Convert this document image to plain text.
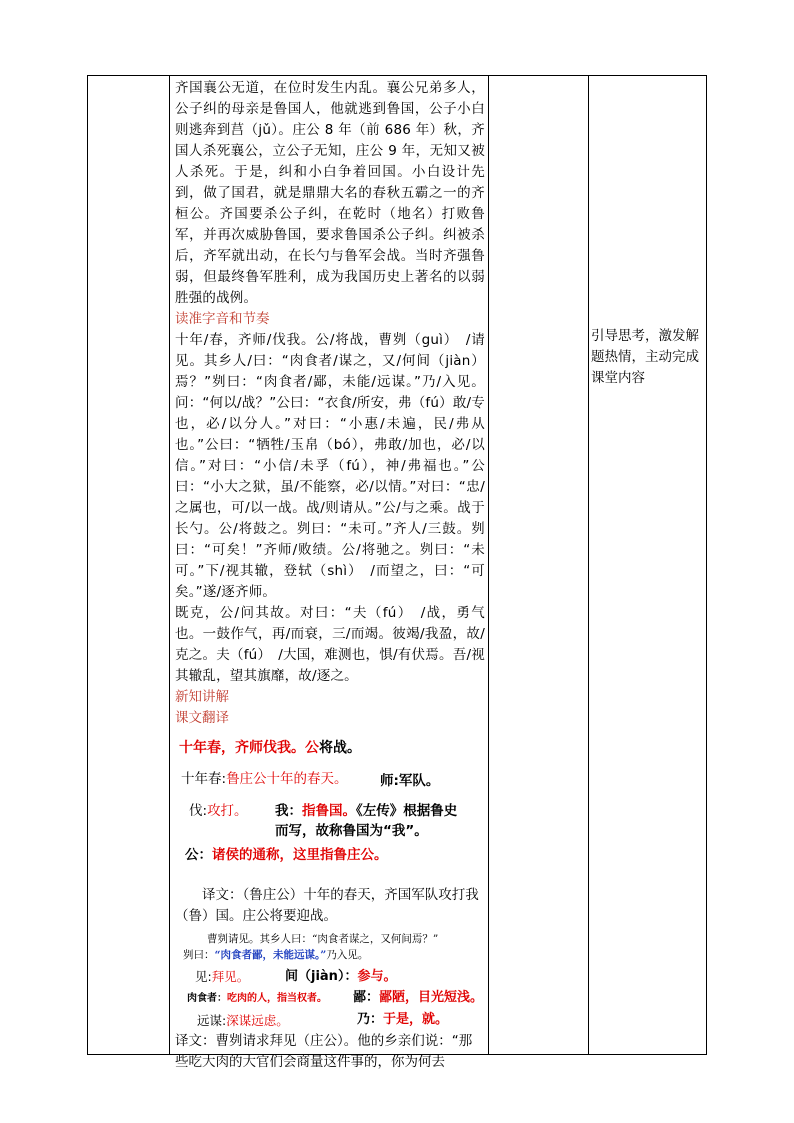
齐国襄公无道，在位时发生内乱。襄公兄弟多人，公子纠的母亲是鲁国人，他就逃到鲁国，公子小白则逃奔到莒（jǔ）。庄公 8 年（前 686 年）秋，齐国人杀死襄公，立公子无知，庄公 9 年，无知又被人杀死。于是，纠和小白争着回国。小白设计先到，做了国君，就是鼎鼎大名的春秋五霸之一的齐桓公。齐国要杀公子纠，在乾时（地名）打败鲁军，并再次威胁鲁国，要求鲁国杀公子纠。纠被杀后，齐军就出动，在长勺与鲁军会战。当时齐强鲁弱，但最终鲁军胜利，成为我国历史上著名的以弱胜强的战例。

读准字音和节奏

十年/春，齐师/伐我。公/将战，曹刿（guì）　/请见。其乡人/曰：“肉食者/谋之，又/何间（jiàn）焉？”刿曰：“肉食者/鄙，未能/远谋。”乃/入见。问：“何以/战？”公曰：“衣食/所安，弗（fú）敢/专也，必/以分人。”对曰：“小惠/未遍，民/弗从也。”公曰：“牺牲/玉帛（bó），弗敢/加也，必/以信。”对曰：“小信/未孚（fú），神/弗福也。”公曰：“小大之狱，虽/不能察，必/以情。”对曰：“忠/之属也，可/以一战。战/则请从。”公/与之乘。战于长勺。公/将鼓之。刿曰：“未可。”齐人/三鼓。刿曰：“可矣！”齐师/败绩。公/将驰之。刿曰：“未可。”下/视其辙，登轼（shì）　/而望之，曰：“可矣。”遂/逐齐师。

既克，公/问其故。对曰：“夫（fú）　/战，勇气也。一鼓作气，再/而衰，三/而竭。彼竭/我盈，故/克之。夫（fú）　/大国，难测也，惧/有伏焉。吾/视其辙乱，望其旗靡，故/逐之。

新知讲解

课文翻译

十年春，齐师伐我。公将战。
十年春:鲁庄公十年的春天。 师:军队。
伐:攻打。 我：指鲁国。《左传》根据鲁史
而写，故称鲁国为“我”。
公：诸侯的通称，这里指鲁庄公。

译文：（鲁庄公）十年的春天，齐国军队攻打我（鲁）国。庄公将要迎战。

曹刿请见。其乡人曰：“肉食者谋之，又何间焉？”
刿曰：“肉食者鄙，未能远谋。”乃入见。
见:拜见。	间（jiàn）：参与。
肉食者：吃肉的人，指当权者。 鄙：鄙陋，目光短浅。
远谋:深谋远虑。	乃：于是，就。

译文：曹刿请求拜见（庄公）。他的乡亲们说：“那些吃大肉的大官们会商量这件事的，你为何去

引导思考，激发解题热情，主动完成课堂内容
